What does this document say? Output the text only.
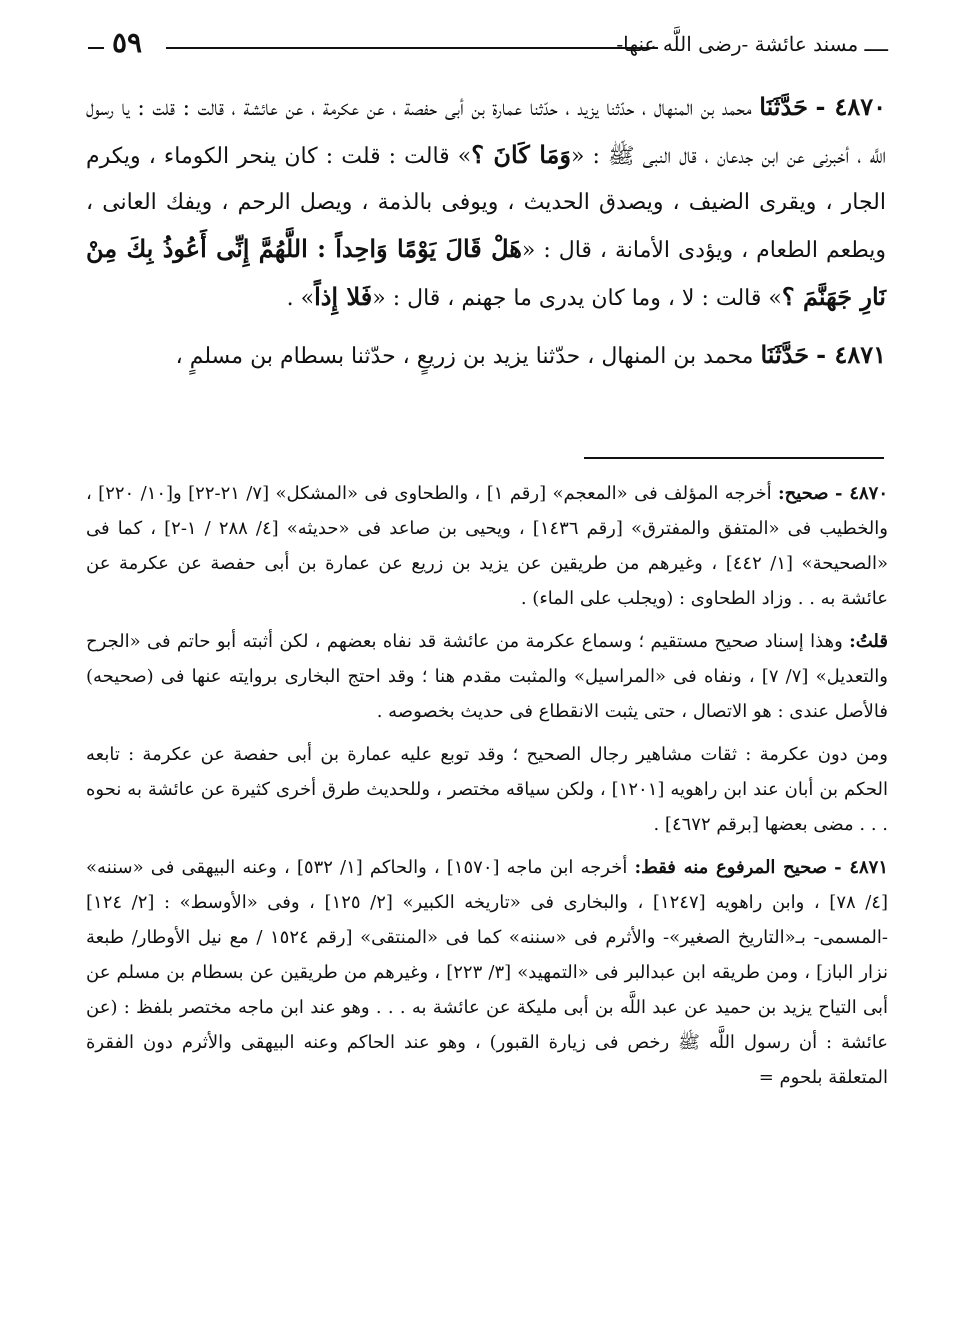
٥٩	ــــ مسند عائشة -رضى اللَّه عنها-

٤٨٧٠ - حَدَّثَنَا محمد بن المنهال ، حدّثنا يزيد ، حدّثنا عمارة بن أبى حفصة ، عن عكرمة ، عن عائشة ، قالت : قلت : يا رسول اللَّه ، أخبرنى عن ابن جدعان ، قال النبى ﷺ : «وَمَا كَانَ ؟» قالت : قلت : كان ينحر الكوماء ، ويكرم الجار ، ويقرى الضيف ، ويصدق الحديث ، ويوفى بالذمة ، ويصل الرحم ، ويفك العانى ، ويطعم الطعام ، ويؤدى الأمانة ، قال : «هَلْ قَالَ يَوْمًا وَاحِداً : اللَّهُمَّ إِنِّى أَعُوذُ بِكَ مِنْ نَارِ جَهَنَّمَ ؟» قالت : لا ، وما كان يدرى ما جهنم ، قال : «فَلا إِذاً» .

٤٨٧١ - حَدَّثَنَا محمد بن المنهال ، حدّثنا يزيد بن زريعٍ ، حدّثنا بسطام بن مسلمٍ ،

٤٨٧٠ - صحيح: أخرجه المؤلف فى «المعجم» [رقم ١] ، والطحاوى فى «المشكل» [٧/ ٢١-٢٢] و[١٠/ ٢٢٠] ، والخطيب فى «المتفق والمفترق» [رقم ١٤٣٦] ، ويحيى بن صاعد فى «حديثه» [٤/ ٢٨٨ / ١-٢] ، كما فى «الصحيحة» [١/ ٤٤٢] ، وغيرهم من طريقين عن يزيد بن زريع عن عمارة بن أبى حفصة عن عكرمة عن عائشة به . . وزاد الطحاوى : (ويجلب على الماء) .

قلتُ: وهذا إسناد صحيح مستقيم ؛ وسماع عكرمة من عائشة قد نفاه بعضهم ، لكن أثبته أبو حاتم فى «الجرح والتعديل» [٧/ ٧] ، ونفاه فى «المراسيل» والمثبت مقدم هنا ؛ وقد احتج البخارى بروايته عنها فى (صحيحه) فالأصل عندى : هو الاتصال ، حتى يثبت الانقطاع فى حديث بخصوصه .

ومن دون عكرمة : ثقات مشاهير رجال الصحيح ؛ وقد توبع عليه عمارة بن أبى حفصة عن عكرمة : تابعه الحكم بن أبان عند ابن راهويه [١٢٠١] ، ولكن سياقه مختصر ، وللحديث طرق أخرى كثيرة عن عائشة به نحوه . . . مضى بعضها [برقم ٤٦٧٢] .

٤٨٧١ - صحيح المرفوع منه فقط: أخرجه ابن ماجه [١٥٧٠] ، والحاكم [١/ ٥٣٢] ، وعنه البيهقى فى «سننه» [٤/ ٧٨] ، وابن راهويه [١٢٤٧] ، والبخارى فى «تاريخه الكبير» [٢/ ١٢٥] ، وفى «الأوسط» : [٢/ ١٢٤] -المسمى- بـ«التاريخ الصغير»- والأثرم فى «سننه» كما فى «المنتقى» [رقم ١٥٢٤ / مع نيل الأوطار/ طبعة نزار الباز] ، ومن طريقه ابن عبدالبر فى «التمهيد» [٣/ ٢٢٣] ، وغيرهم من طريقين عن بسطام بن مسلم عن أبى التياح يزيد بن حميد عن عبد اللَّه بن أبى مليكة عن عائشة به . . . وهو عند ابن ماجه مختصر بلفظ : (عن عائشة : أن رسول اللَّه ﷺ رخص فى زيارة القبور) ، وهو عند الحاكم وعنه البيهقى والأثرم دون الفقرة المتعلقة بلحوم =
